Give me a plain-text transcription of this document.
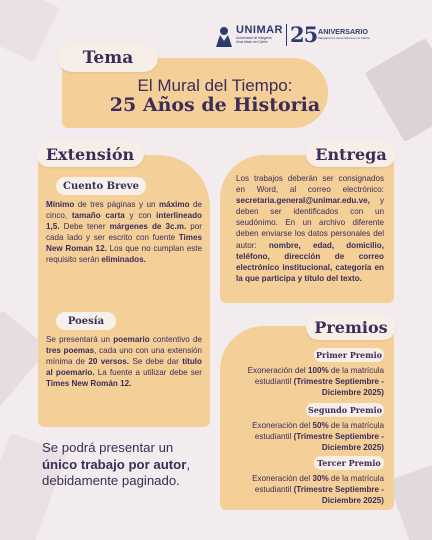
UNIMAR
Universidad de Margarita
Alma Mater del Caribe	25 ANIVERSARIO
Margarita luz de la cultura en el Caribe
Tema
El Mural del Tiempo:
25 Años de Historia
Extensión
Cuento Breve
Mínimo de tres páginas y un máximo de cinco, tamaño carta y con interlineado 1,5. Debe tener márgenes de 3c.m. por cada lado y ser escrito con fuente Times New Roman 12. Los que no cumplan este requisito serán eliminados.
Poesía
Se presentará un poemario contentivo de tres poemas, cada uno con una extensión mínima de 20 versos. Se debe dar título al poemario. La fuente a utilizar debe ser Times New Román 12.
Entrega
Los trabajos deberán ser consignados en Word, al correo electrónico: secretaria.general@unimar.edu.ve, y deben ser identificados con un seudónimo. En un archivo diferente deben enviarse los datos personales del autor: nombre, edad, domicilio, teléfono, dirección de correo electrónico institucional, categoría en la que participa y título del texto.
Premios
Primer Premio
Exoneración del 100% de la matrícula estudiantil (Trimestre Septiembre - Diciembre 2025)
Segundo Premio
Exoneración del 50% de la matrícula estudiantil (Trimestre Septiembre - Diciembre 2025)
Tercer Premio
Exoneración del 30% de la matrícula estudiantil (Trimestre Septiembre - Diciembre 2025)
Se podrá presentar un
único trabajo por autor,
debidamente paginado.
